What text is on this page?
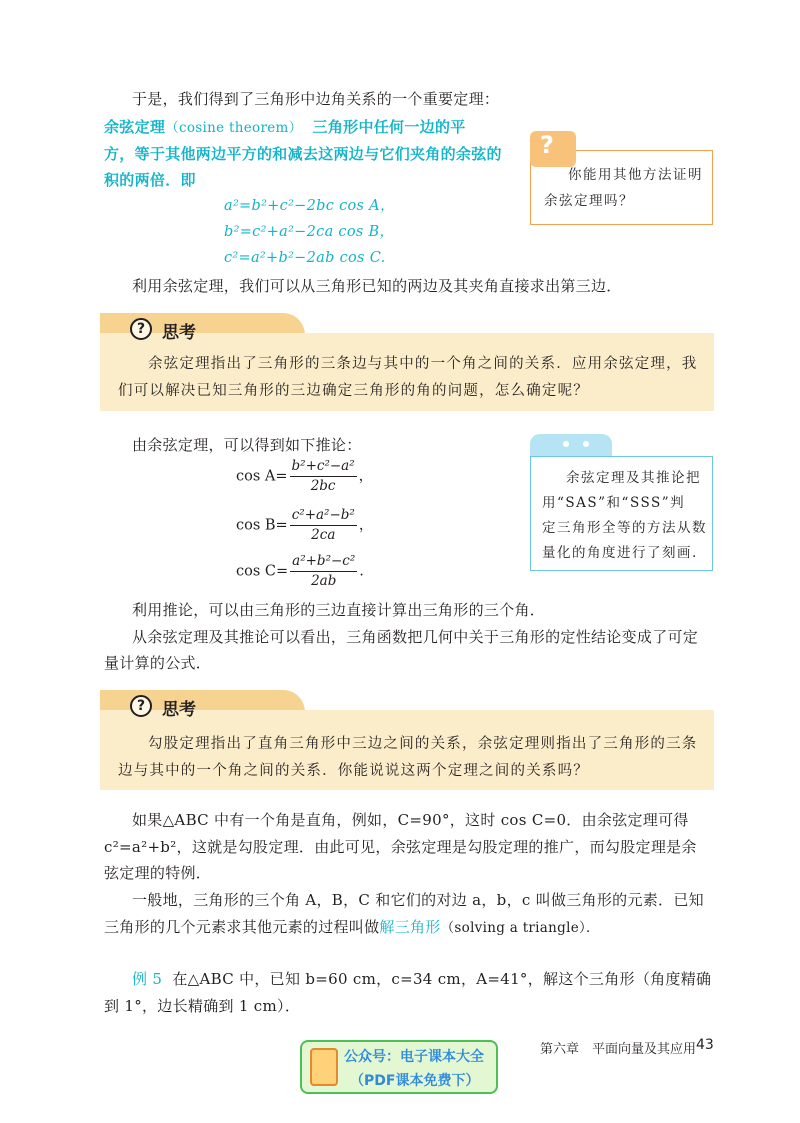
于是，我们得到了三角形中边角关系的一个重要定理：
余弦定理（cosine theorem） 三角形中任何一边的平
方，等于其他两边平方的和减去这两边与它们夹角的余弦的
积的两倍．即
a²=b²+c²−2bc cos A，
b²=c²+a²−2ca cos B，
c²=a²+b²−2ab cos C.
?
你能用其他方法证明
余弦定理吗？
利用余弦定理，我们可以从三角形已知的两边及其夹角直接求出第三边．
? 思考
余弦定理指出了三角形的三条边与其中的一个角之间的关系．应用余弦定理，我
们可以解决已知三角形的三边确定三角形的角的问题，怎么确定呢？
由余弦定理，可以得到如下推论：
$\cos A= \frac{\text{b²+c²−a²}}{2bc}$ ，
$\cos B= \frac{\text{c²+a²−b²}}{2ca}$ ，
$\cos C= \frac{\text{a²+b²−c²}}{2ab}$ .
余弦定理及其推论把
用“SAS”和“SSS”判
定三角形全等的方法从数
量化的角度进行了刻画.
利用推论，可以由三角形的三边直接计算出三角形的三个角．
从余弦定理及其推论可以看出，三角函数把几何中关于三角形的定性结论变成了可定
量计算的公式．
? 思考
勾股定理指出了直角三角形中三边之间的关系，余弦定理则指出了三角形的三条
边与其中的一个角之间的关系．你能说说这两个定理之间的关系吗？
如果△ABC 中有一个角是直角，例如，C=90°，这时 cos C=0．由余弦定理可得
c²=a²+b²，这就是勾股定理．由此可见，余弦定理是勾股定理的推广，而勾股定理是余
弦定理的特例．
一般地，三角形的三个角 A，B，C 和它们的对边 a，b，c 叫做三角形的元素．已知
三角形的几个元素求其他元素的过程叫做解三角形（solving a triangle）．
例 5 在△ABC 中，已知 b=60 cm，c=34 cm，A=41°，解这个三角形（角度精确
到 1°，边长精确到 1 cm）．
第六章　平面向量及其应用 43
公众号：电子课本大全
（PDF课本免费下）
